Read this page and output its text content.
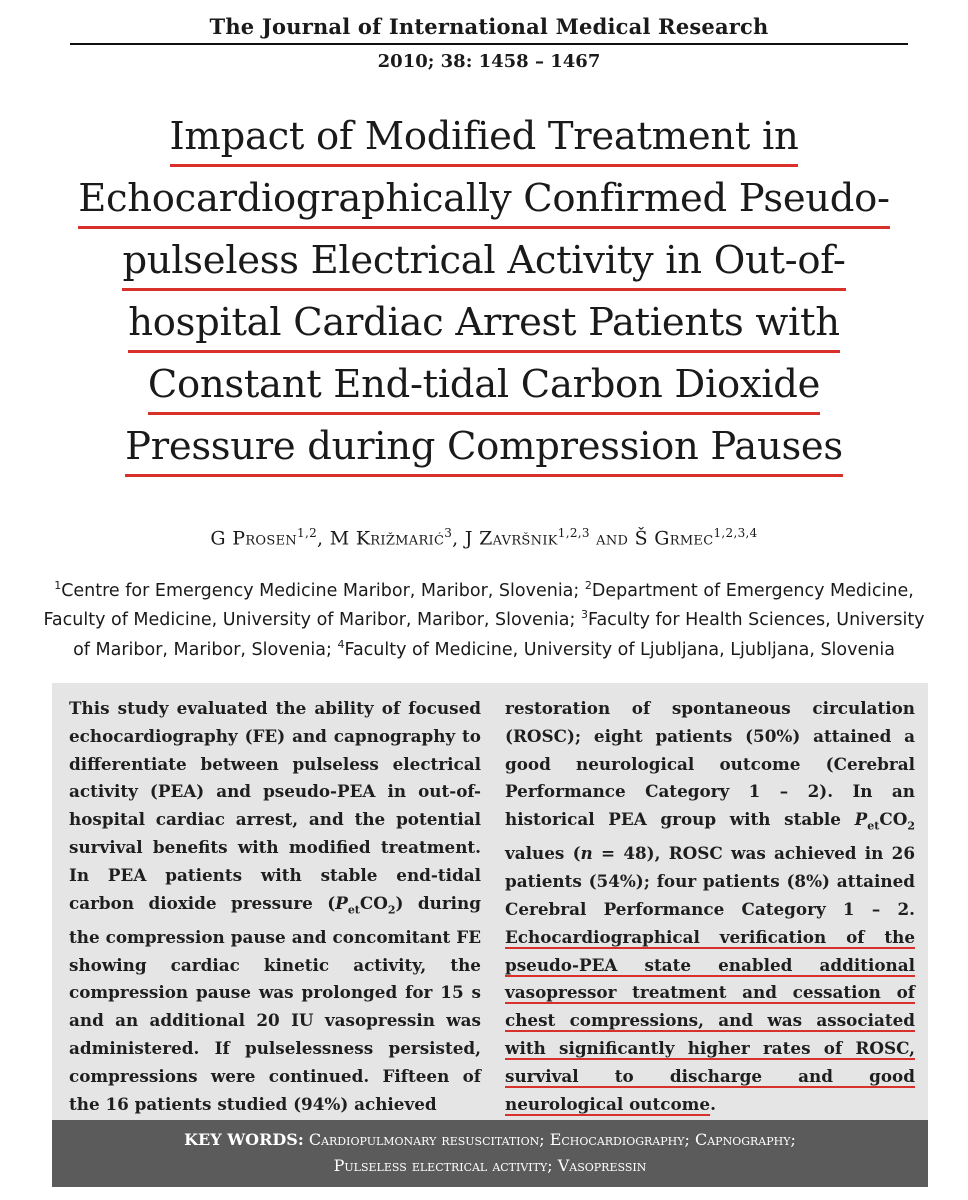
The Journal of International Medical Research
2010; 38: 1458 – 1467
Impact of Modified Treatment in
Echocardiographically Confirmed Pseudo-
pulseless Electrical Activity in Out-of-
hospital Cardiac Arrest Patients with
Constant End-tidal Carbon Dioxide
Pressure during Compression Pauses
G Prosen$^{1,2}$, M Križmarić$^3$, J Završnik$^{1,2,3}$ and Š Grmec$^{1,2,3,4}$

$^1$Centre for Emergency Medicine Maribor, Maribor, Slovenia; $^2$Department of Emergency Medicine, Faculty of Medicine, University of Maribor, Maribor, Slovenia; $^3$Faculty for Health Sciences, University of Maribor, Maribor, Slovenia; $^4$Faculty of Medicine, University of Ljubljana, Ljubljana, Slovenia

This study evaluated the ability of focused echocardiography (FE) and capnography to differentiate between pulseless electrical activity (PEA) and pseudo-PEA in out-of-hospital cardiac arrest, and the potential survival benefits with modified treatment. In PEA patients with stable end-tidal carbon dioxide pressure $(P_{et}CO_2)$ during the compression pause and concomitant FE showing cardiac kinetic activity, the compression pause was prolonged for 15 s and an additional 20 IU vasopressin was administered. If pulselessness persisted, compressions were continued. Fifteen of the 16 patients studied (94%) achieved

restoration of spontaneous circulation (ROSC); eight patients (50%) attained a good neurological outcome (Cerebral Performance Category 1 – 2). In an historical PEA group with stable $P_{et}CO_2$ values (n = 48), ROSC was achieved in 26 patients (54%); four patients (8%) attained Cerebral Performance Category 1 – 2. Echocardiographical verification of the pseudo-PEA state enabled additional vasopressor treatment and cessation of chest compressions, and was associated with significantly higher rates of ROSC, survival to discharge and good neurological outcome.

KEY WORDS: Cardiopulmonary resuscitation; Echocardiography; Capnography;
Pulseless electrical activity; Vasopressin
